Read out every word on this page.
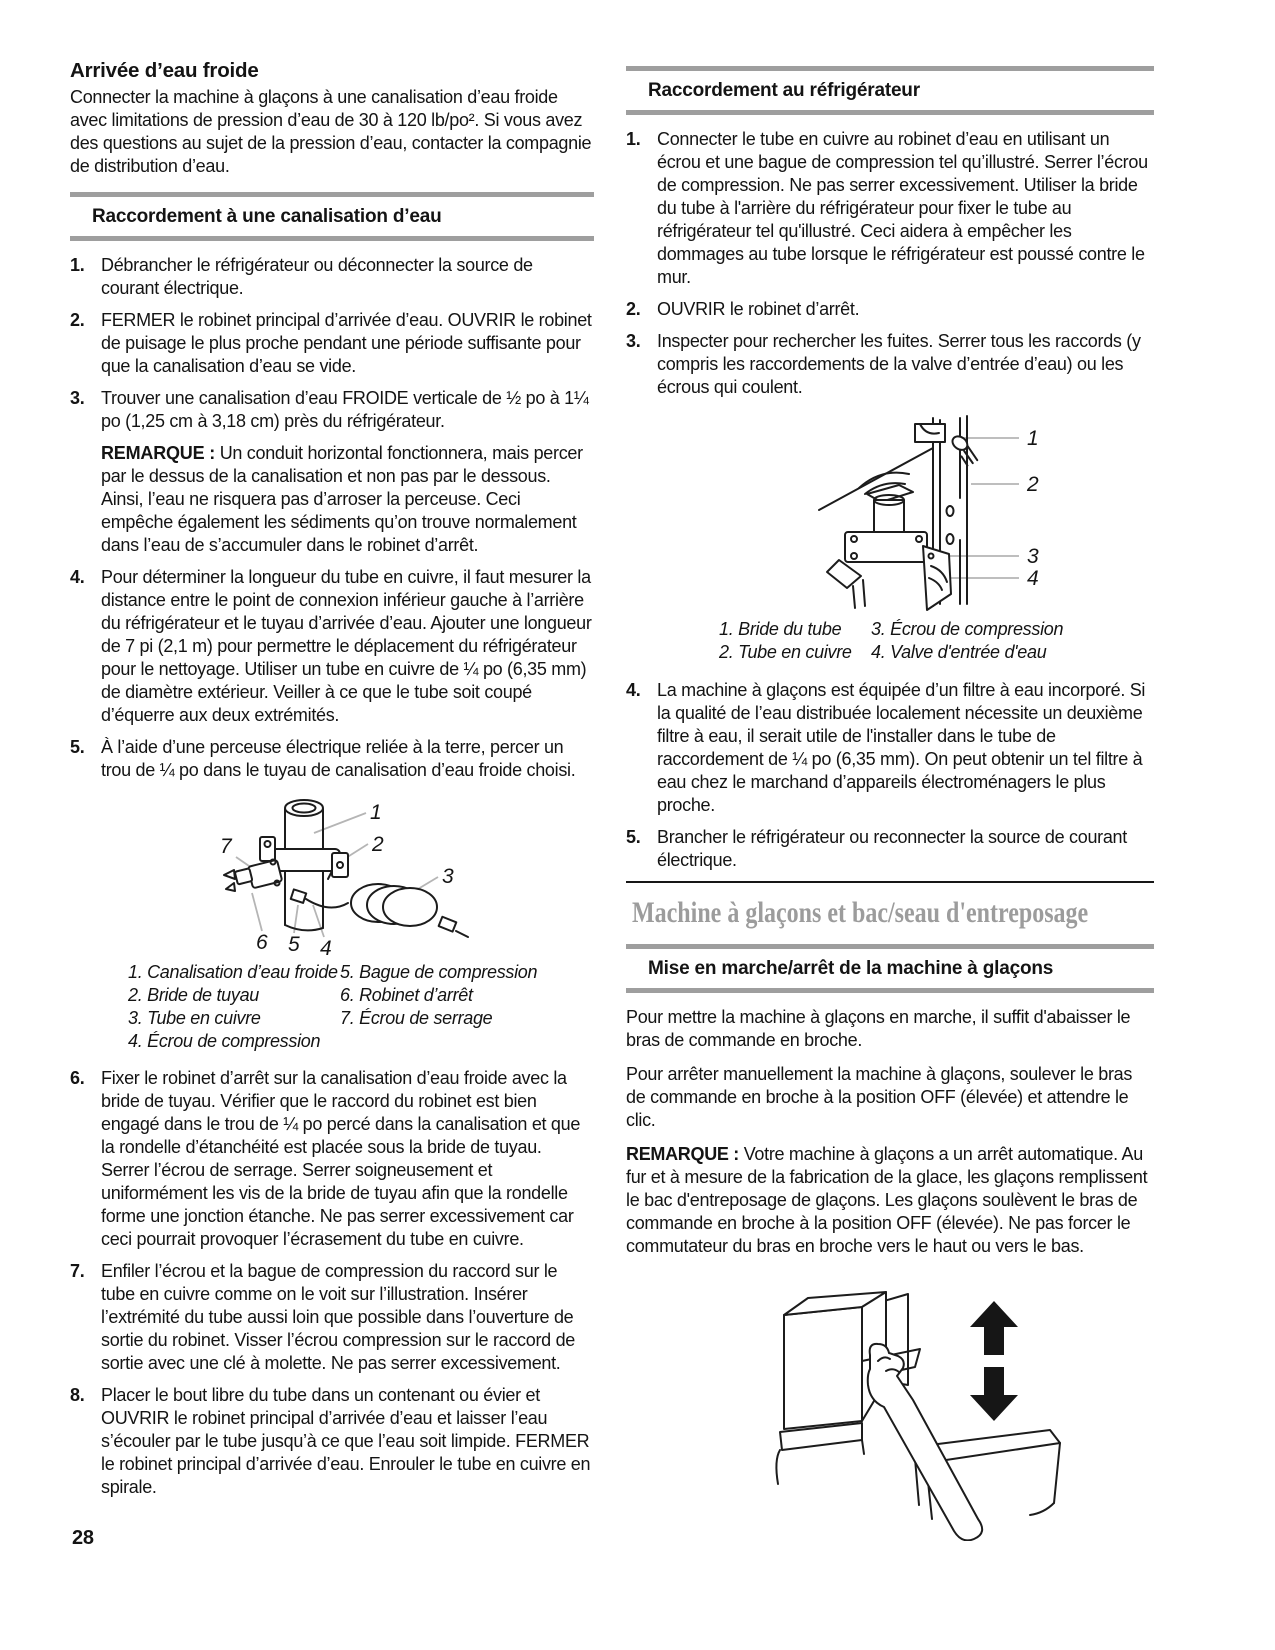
Arrivée d’eau froide

Connecter la machine à glaçons à une canalisation d’eau froide avec limitations de pression d’eau de 30 à 120 lb/po². Si vous avez des questions au sujet de la pression d’eau, contacter la compagnie de distribution d’eau.

Raccordement à une canalisation d’eau
1. Débrancher le réfrigérateur ou déconnecter la source de courant électrique.

2. FERMER le robinet principal d’arrivée d’eau. OUVRIR le robinet de puisage le plus proche pendant une période suffisante pour que la canalisation d’eau se vide.

3. Trouver une canalisation d’eau FROIDE verticale de ½ po à 1¼ po (1,25 cm à 3,18 cm) près du réfrigérateur.

REMARQUE : Un conduit horizontal fonctionnera, mais percer par le dessus de la canalisation et non pas par le dessous. Ainsi, l’eau ne risquera pas d’arroser la perceuse. Ceci empêche également les sédiments qu’on trouve normalement dans l’eau de s’accumuler dans le robinet d’arrêt.

4. Pour déterminer la longueur du tube en cuivre, il faut mesurer la distance entre le point de connexion inférieur gauche à l’arrière du réfrigérateur et le tuyau d’arrivée d’eau. Ajouter une longueur de 7 pi (2,1 m) pour permettre le déplacement du réfrigérateur pour le nettoyage. Utiliser un tube en cuivre de ¼ po (6,35 mm) de diamètre extérieur. Veiller à ce que le tube soit coupé d’équerre aux deux extrémités.

5. À l’aide d’une perceuse électrique reliée à la terre, percer un trou de ¼ po dans le tuyau de canalisation d’eau froide choisi.

1
2
3
7
6 5 4
1. Canalisation d’eau froide
2. Bride de tuyau
3. Tube en cuivre
4. Écrou de compression
5. Bague de compression
6. Robinet d’arrêt
7. Écrou de serrage
6. Fixer le robinet d’arrêt sur la canalisation d’eau froide avec la bride de tuyau. Vérifier que le raccord du robinet est bien engagé dans le trou de ¼ po percé dans la canalisation et que la rondelle d’étanchéité est placée sous la bride de tuyau. Serrer l’écrou de serrage. Serrer soigneusement et uniformément les vis de la bride de tuyau afin que la rondelle forme une jonction étanche. Ne pas serrer excessivement car ceci pourrait provoquer l’écrasement du tube en cuivre.

7. Enfiler l’écrou et la bague de compression du raccord sur le tube en cuivre comme on le voit sur l’illustration. Insérer l’extrémité du tube aussi loin que possible dans l’ouverture de sortie du robinet. Visser l’écrou compression sur le raccord de sortie avec une clé à molette. Ne pas serrer excessivement.

8. Placer le bout libre du tube dans un contenant ou évier et OUVRIR le robinet principal d’arrivée d’eau et laisser l’eau s’écouler par le tube jusqu’à ce que l’eau soit limpide. FERMER le robinet principal d’arrivée d’eau. Enrouler le tube en cuivre en spirale.

Raccordement au réfrigérateur
1. Connecter le tube en cuivre au robinet d’eau en utilisant un écrou et une bague de compression tel qu’illustré. Serrer l’écrou de compression. Ne pas serrer excessivement. Utiliser la bride du tube à l'arrière du réfrigérateur pour fixer le tube au réfrigérateur tel qu'illustré. Ceci aidera à empêcher les dommages au tube lorsque le réfrigérateur est poussé contre le mur.

2. OUVRIR le robinet d’arrêt.

3. Inspecter pour rechercher les fuites. Serrer tous les raccords (y compris les raccordements de la valve d’entrée d’eau) ou les écrous qui coulent.

1
2
3
4
1. Bride du tube
2. Tube en cuivre
3. Écrou de compression
4. Valve d'entrée d'eau
4. La machine à glaçons est équipée d’un filtre à eau incorporé. Si la qualité de l’eau distribuée localement nécessite un deuxième filtre à eau, il serait utile de l'installer dans le tube de raccordement de ¼ po (6,35 mm). On peut obtenir un tel filtre à eau chez le marchand d’appareils électroménagers le plus proche.

5. Brancher le réfrigérateur ou reconnecter la source de courant électrique.

Machine à glaçons et bac/seau d'entreposage
Mise en marche/arrêt de la machine à glaçons

Pour mettre la machine à glaçons en marche, il suffit d'abaisser le bras de commande en broche.

Pour arrêter manuellement la machine à glaçons, soulever le bras de commande en broche à la position OFF (élevée) et attendre le clic.

REMARQUE : Votre machine à glaçons a un arrêt automatique. Au fur et à mesure de la fabrication de la glace, les glaçons remplissent le bac d'entreposage de glaçons. Les glaçons soulèvent le bras de commande en broche à la position OFF (élevée). Ne pas forcer le commutateur du bras en broche vers le haut ou vers le bas.

28
